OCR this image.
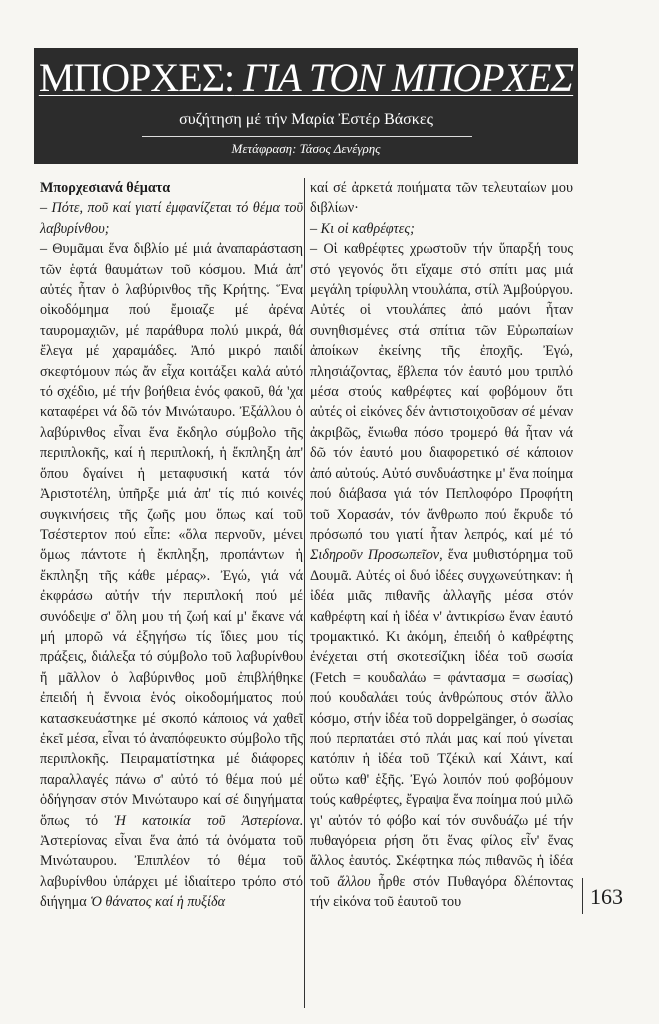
ΜΠΟΡΧΕΣ: ΓΙΑ ΤΟΝ ΜΠΟΡΧΕΣ
συζήτηση μέ τήν Μαρία Ἐστέρ Βάσκες
Μετάφραση: Τάσος Δενέγρης

Μπορχεσιανά θέματα

– Πότε, ποῦ καί γιατί ἐμφανίζεται τό θέμα τοῦ λαβυρίνθου;

– Θυμᾶμαι ἕνα διβλίο μέ μιά ἀναπαράσταση τῶν ἑφτά θαυμάτων τοῦ κόσμου. Μιά ἀπ' αὐτές ἦταν ὁ λαβύρινθος τῆς Κρήτης. Ἕνα οἰκοδόμημα πού ἔμοιαζε μέ ἀρένα ταυρομαχιῶν, μέ παράθυρα πολύ μικρά, θά ἔλεγα μέ χαραμάδες. Ἀπό μικρό παιδί σκεφτόμουν πώς ἄν εἶχα κοιτάξει καλά αὐτό τό σχέδιο, μέ τήν βοήθεια ἑνός φακοῦ, θά 'χα καταφέρει νά δῶ τόν Μινώταυρο. Ἐξάλλου ὁ λαβύρινθος εἶναι ἕνα ἔκδηλο σύμβολο τῆς περιπλοκῆς, καί ἡ περιπλοκή, ἡ ἔκπληξη ἀπ' ὅπου δγαίνει ἡ μεταφυσική κατά τόν Ἀριστοτέλη, ὑπῆρξε μιά ἀπ' τίς πιό κοινές συγκινήσεις τῆς ζωῆς μου ὅπως καί τοῦ Τσέστερτον πού εἶπε: «ὅλα περνοῦν, μένει ὅμως πάντοτε ἡ ἔκπληξη, προπάντων ἡ ἔκπληξη τῆς κάθε μέρας». Ἐγώ, γιά νά ἐκφράσω αὐτήν τήν περιπλοκή πού μέ συνόδεψε σ' ὅλη μου τή ζωή καί μ' ἔκανε νά μή μπορῶ νά ἐξηγήσω τίς ἴδιες μου τίς πράξεις, διάλεξα τό σύμβολο τοῦ λαβυρίνθου ἤ μᾶλλον ὁ λαβύρινθος μοῦ ἐπιβλήθηκε ἐπειδή ἡ ἔννοια ἑνός οἰκοδομήματος πού κατασκευάστηκε μέ σκοπό κάποιος νά χαθεῖ ἐκεῖ μέσα, εἶναι τό ἀναπόφευκτο σύμβολο τῆς περιπλοκῆς. Πειραματίστηκα μέ διάφορες παραλλαγές πάνω σ' αὐτό τό θέμα πού μέ ὁδήγησαν στόν Μινώταυρο καί σέ διηγήματα ὅπως τό Ἡ κατοικία τοῦ Ἀστερίονα. Ἀστερίονας εἶναι ἕνα ἀπό τά ὀνόματα τοῦ Μινώταυρου. Ἐπιπλέον τό θέμα τοῦ λαβυρίνθου ὑπάρχει μέ ἰδιαίτερο τρόπο στό διήγημα Ὁ θάνατος καί ἡ πυξίδα

καί σέ ἀρκετά ποιήματα τῶν τελευταίων μου διβλίων·

– Κι οἱ καθρέφτες;

– Οἱ καθρέφτες χρωστοῦν τήν ὕπαρξή τους στό γεγονός ὅτι εἴχαμε στό σπίτι μας μιά μεγάλη τρίφυλλη ντουλάπα, στίλ Ἀμβούργου. Αὐτές οἱ ντουλάπες ἀπό μαόνι ἦταν συνηθισμένες στά σπίτια τῶν Εὐρωπαίων ἀποίκων ἐκείνης τῆς ἐποχῆς. Ἐγώ, πλησιάζοντας, ἔβλεπα τόν ἑαυτό μου τριπλό μέσα στούς καθρέφτες καί φοβόμουν ὅτι αὐτές οἱ εἰκόνες δέν ἀντιστοιχοῦσαν σέ μέναν ἀκριβῶς, ἔνιωθα πόσο τρομερό θά ἦταν νά δῶ τόν ἑαυτό μου διαφορετικό σέ κάποιον ἀπό αὐτούς. Αὐτό συνδυάστηκε μ' ἕνα ποίημα πού διάβασα γιά τόν Πεπλοφόρο Προφήτη τοῦ Χορασάν, τόν ἄνθρωπο πού ἔκρυδε τό πρόσωπό του γιατί ἦταν λεπρός, καί μέ τό Σιδηροῦν Προσωπεῖον, ἕνα μυθιστόρημα τοῦ Δουμᾶ. Αὐτές οἱ δυό ἰδέες συγχωνεύτηκαν: ἡ ἰδέα μιᾶς πιθανῆς ἀλλαγῆς μέσα στόν καθρέφτη καί ἡ ἰδέα ν' ἀντικρίσω ἕναν ἑαυτό τρομακτικό. Κι ἀκόμη, ἐπειδή ὁ καθρέφτης ἐνέχεται στή σκοτεσίζικη ἰδέα τοῦ σωσία (Fetch = κουδαλάω = φάντασμα = σωσίας) πού κουδαλάει τούς ἀνθρώπους στόν ἄλλο κόσμο, στήν ἰδέα τοῦ doppelgänger, ὁ σωσίας πού περπατάει στό πλάι μας καί πού γίνεται κατόπιν ἡ ἰδέα τοῦ Τζέκιλ καί Χάιντ, καί οὕτω καθ' ἑξῆς. Ἐγώ λοιπόν πού φοβόμουν τούς καθρέφτες, ἔγραψα ἕνα ποίημα πού μιλῶ γι' αὐτόν τό φόβο καί τόν συνδυάζω μέ τήν πυθαγόρεια ρήση ὅτι ἕνας φίλος εἶν' ἕνας ἄλλος ἑαυτός. Σκέφτηκα πώς πιθανῶς ἡ ἰδέα τοῦ ἄλλου ἦρθε στόν Πυθαγόρα δλέποντας τήν εἰκόνα τοῦ ἑαυτοῦ του	163
